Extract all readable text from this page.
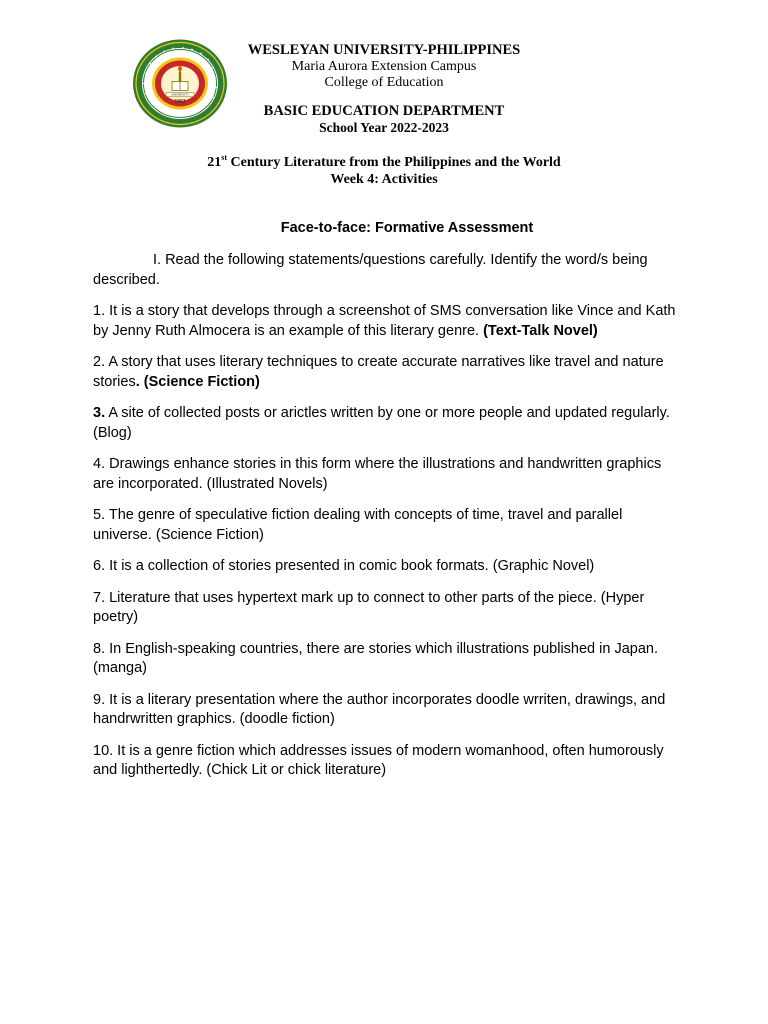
UNIVERSITY
1963
WESLEYAN UNIVERSITY-PHILIPPINES
Maria Aurora Extension Campus
College of Education
BASIC EDUCATION DEPARTMENT
School Year 2022-2023
21st Century Literature from the Philippines and the World
Week 4: Activities
Face-to-face: Formative Assessment

I. Read the following statements/questions carefully. Identify the word/s being described.

1. It is a story that develops through a screenshot of SMS conversation like Vince and Kath by Jenny Ruth Almocera is an example of this literary genre. (Text-Talk Novel)

2. A story that uses literary techniques to create accurate narratives like travel and nature stories. (Science Fiction)

3. A site of collected posts or arictles written by one or more people and updated regularly. (Blog)

4. Drawings enhance stories in this form where the illustrations and handwritten graphics are incorporated. (Illustrated Novels)

5. The genre of speculative fiction dealing with concepts of time, travel and parallel universe. (Science Fiction)

6. It is a collection of stories presented in comic book formats. (Graphic Novel)

7. Literature that uses hypertext mark up to connect to other parts of the piece. (Hyper poetry)

8. In English-speaking countries, there are stories which illustrations published in Japan. (manga)

9. It is a literary presentation where the author incorporates doodle wrriten, drawings, and handrwritten graphics. (doodle fiction)

10. It is a genre fiction which addresses issues of modern womanhood, often humorously and lighthertedly. (Chick Lit or chick literature)
